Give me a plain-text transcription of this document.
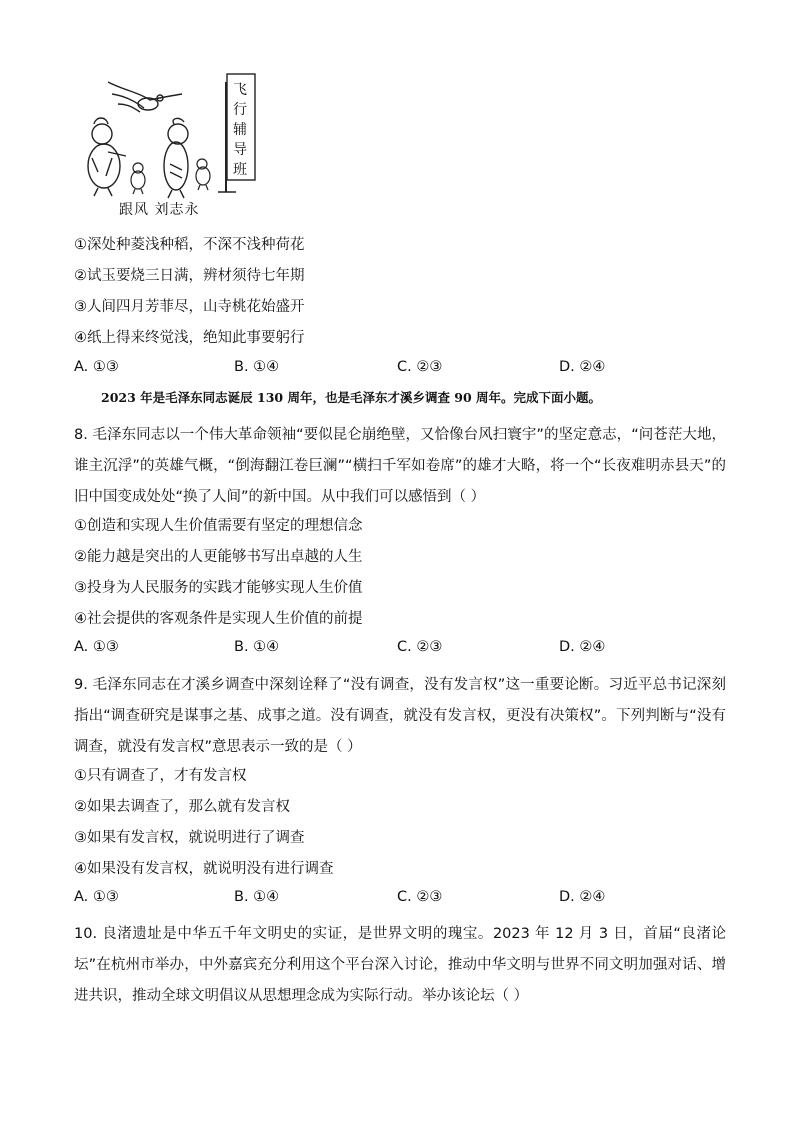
飞行辅导班
跟风 刘志永
①深处种菱浅种稻，不深不浅种荷花
②试玉要烧三日满，辨材须待七年期
③人间四月芳菲尽，山寺桃花始盛开
④纸上得来终觉浅，绝知此事要躬行
A. ①③	B. ①④	C. ②③	D. ②④
2023 年是毛泽东同志诞辰 130 周年，也是毛泽东才溪乡调查 90 周年。完成下面小题。
8. 毛泽东同志以一个伟大革命领袖“要似昆仑崩绝壁，又恰像台风扫寰宇”的坚定意志，“问苍茫大地，谁主沉浮”的英雄气概，“倒海翻江卷巨澜”“横扫千军如卷席”的雄才大略，将一个“长夜难明赤县天”的旧中国变成处处“换了人间”的新中国。从中我们可以感悟到（ ）
①创造和实现人生价值需要有坚定的理想信念
②能力越是突出的人更能够书写出卓越的人生
③投身为人民服务的实践才能够实现人生价值
④社会提供的客观条件是实现人生价值的前提
A. ①③	B. ①④	C. ②③	D. ②④
9. 毛泽东同志在才溪乡调查中深刻诠释了“没有调查，没有发言权”这一重要论断。习近平总书记深刻指出“调查研究是谋事之基、成事之道。没有调查，就没有发言权，更没有决策权”。下列判断与“没有调查，就没有发言权”意思表示一致的是（ ）
①只有调查了，才有发言权
②如果去调查了，那么就有发言权
③如果有发言权，就说明进行了调查
④如果没有发言权，就说明没有进行调查
A. ①③	B. ①④	C. ②③	D. ②④
10. 良渚遗址是中华五千年文明史的实证，是世界文明的瑰宝。2023 年 12 月 3 日，首届“良渚论坛”在杭州市举办，中外嘉宾充分利用这个平台深入讨论，推动中华文明与世界不同文明加强对话、增进共识，推动全球文明倡议从思想理念成为实际行动。举办该论坛（ ）
